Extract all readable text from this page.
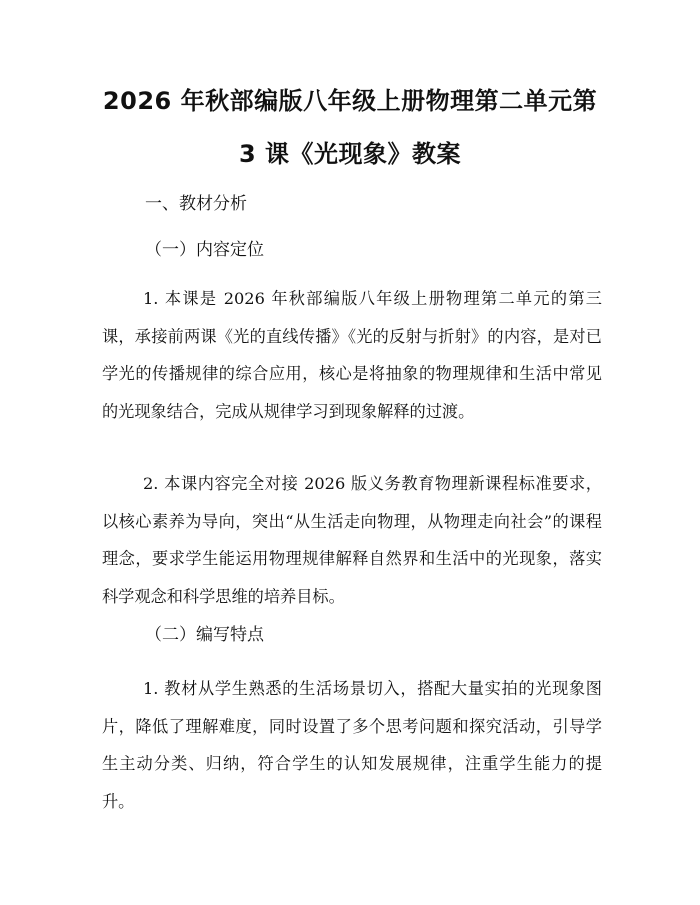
2026 年秋部编版八年级上册物理第二单元第
3 课《光现象》教案
一、教材分析
（一）内容定位
1. 本课是 2026 年秋部编版八年级上册物理第二单元的第三课，承接前两课《光的直线传播》《光的反射与折射》的内容，是对已学光的传播规律的综合应用，核心是将抽象的物理规律和生活中常见的光现象结合，完成从规律学习到现象解释的过渡。
2. 本课内容完全对接 2026 版义务教育物理新课程标准要求，以核心素养为导向，突出“从生活走向物理，从物理走向社会”的课程理念，要求学生能运用物理规律解释自然界和生活中的光现象，落实科学观念和科学思维的培养目标。
（二）编写特点
1. 教材从学生熟悉的生活场景切入，搭配大量实拍的光现象图片，降低了理解难度，同时设置了多个思考问题和探究活动，引导学生主动分类、归纳，符合学生的认知发展规律，注重学生能力的提升。
